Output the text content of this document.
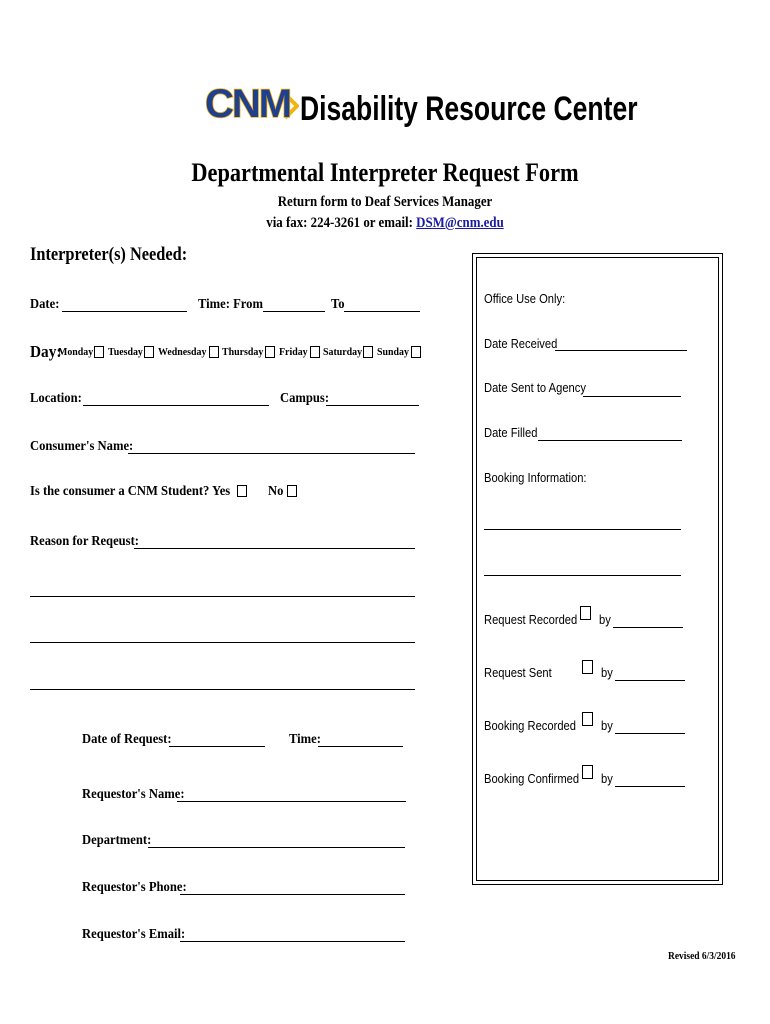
CNM Disability Resource Center
Departmental Interpreter Request Form
Return form to Deaf Services Manager
via fax: 224-3261 or email: DSM@cnm.edu
Interpreter(s) Needed:
Date:	Time: From	To
Day:
Monday Tuesday Wednesday Thursday Friday Saturday Sunday
Location:	Campus:
Consumer's Name:
Is the consumer a CNM Student? Yes	No
Reason for Reqeust:
Date of Request:	Time:
Requestor's Name:
Department:
Requestor's Phone:
Requestor's Email:
Office Use Only:
Date Received
Date Sent to Agency
Date Filled
Booking Information:
Request Recorded by
Request Sent	by
Booking Recorded by
Booking Confirmed by
Revised 6/3/2016
